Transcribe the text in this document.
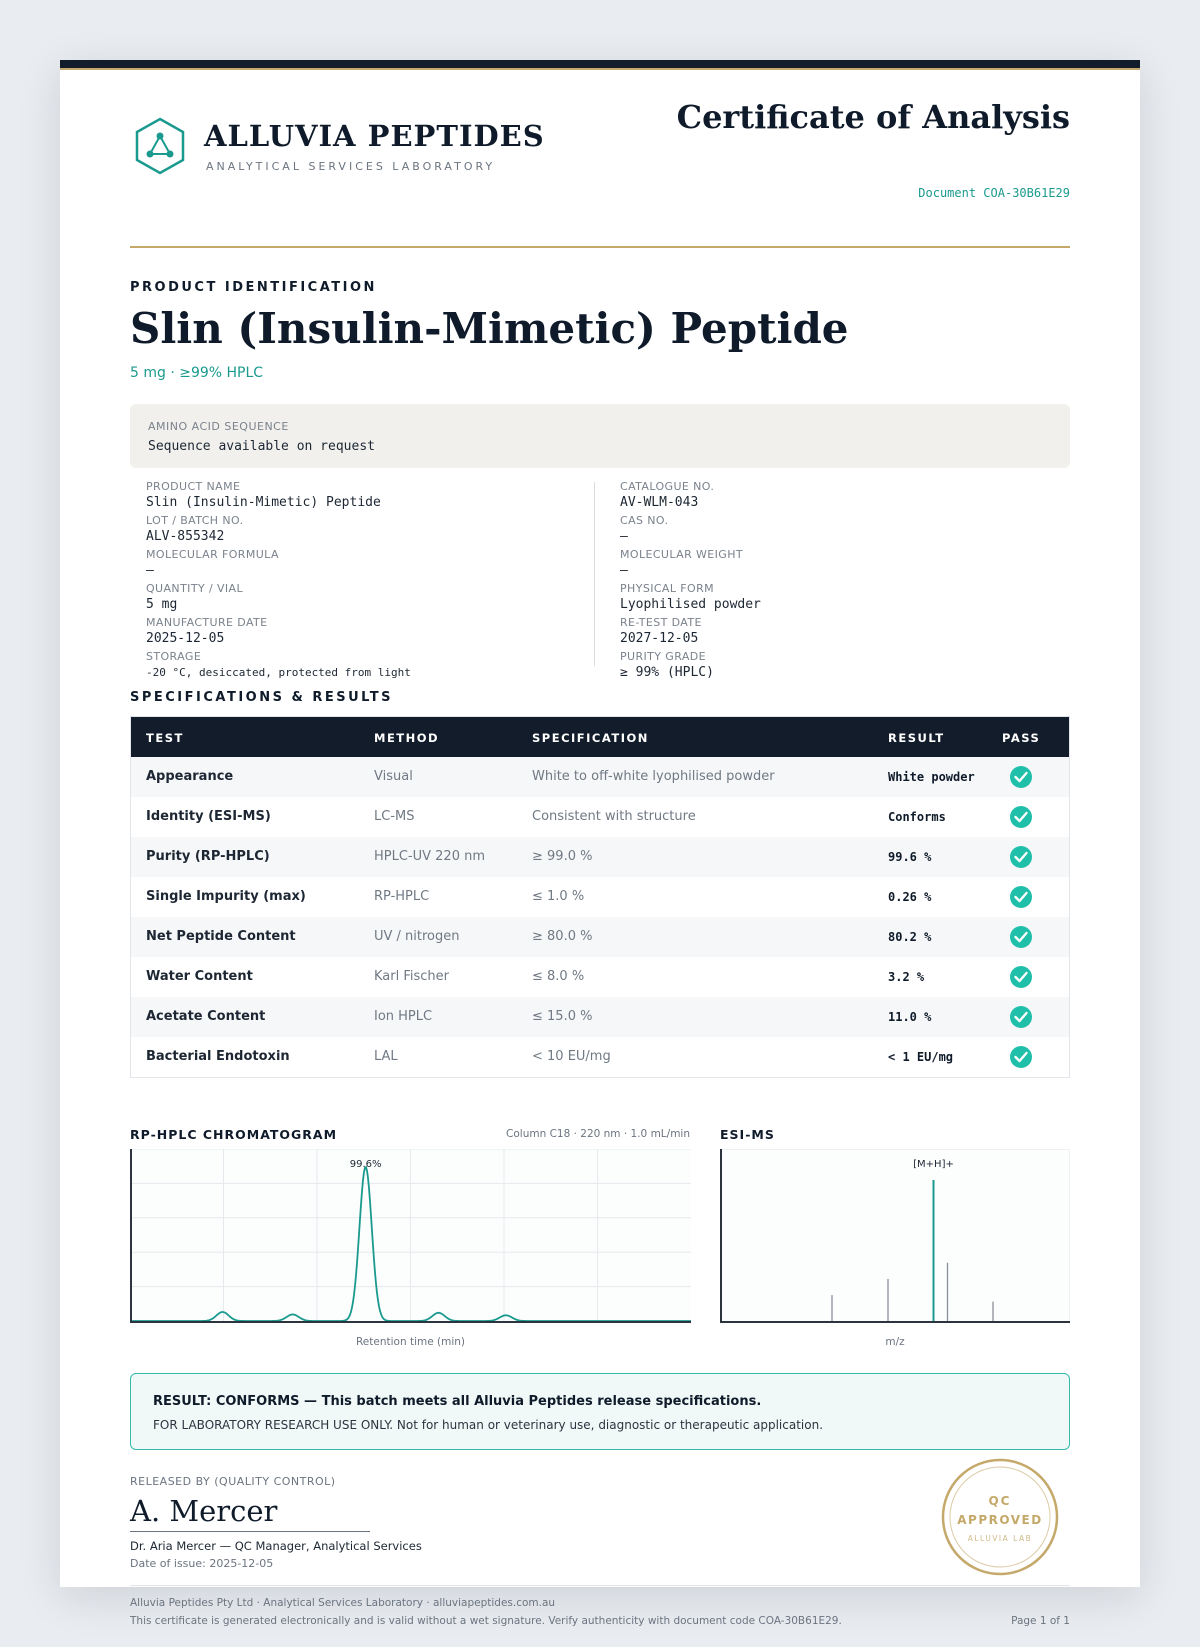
ALLUVIA PEPTIDES
ANALYTICAL SERVICES LABORATORY
Certificate of Analysis
Document COA-30B61E29
PRODUCT IDENTIFICATION
Slin (Insulin-Mimetic) Peptide
5 mg · ≥99% HPLC
AMINO ACID SEQUENCE
Sequence available on request
PRODUCT NAME
Slin (Insulin-Mimetic) Peptide
CATALOGUE NO.
AV-WLM-043
LOT / BATCH NO.
ALV-855342
CAS NO.
—
MOLECULAR FORMULA
—
MOLECULAR WEIGHT
—
QUANTITY / VIAL
5 mg
PHYSICAL FORM
Lyophilised powder
MANUFACTURE DATE
2025-12-05
RE-TEST DATE
2027-12-05
STORAGE
-20 °C, desiccated, protected from light
PURITY GRADE
≥ 99% (HPLC)
SPECIFICATIONS & RESULTS
TEST	METHOD	SPECIFICATION	RESULT	PASS
Appearance	Visual	White to off-white lyophilised powder	White powder
Identity (ESI-MS)	LC-MS	Consistent with structure	Conforms
Purity (RP-HPLC)	HPLC-UV 220 nm	≥ 99.0 %	99.6 %
Single Impurity (max)	RP-HPLC	≤ 1.0 %	0.26 %
Net Peptide Content	UV / nitrogen	≥ 80.0 %	80.2 %
Water Content	Karl Fischer	≤ 8.0 %	3.2 %
Acetate Content	Ion HPLC	≤ 15.0 %	11.0 %
Bacterial Endotoxin	LAL	< 10 EU/mg	< 1 EU/mg
RP-HPLC CHROMATOGRAM	Column C18 · 220 nm · 1.0 mL/min
99.6%
Retention time (min)
ESI-MS
[M+H]+
m/z
RESULT: CONFORMS — This batch meets all Alluvia Peptides release specifications.
FOR LABORATORY RESEARCH USE ONLY. Not for human or veterinary use, diagnostic or therapeutic application.
RELEASED BY (QUALITY CONTROL)
A. Mercer
Dr. Aria Mercer — QC Manager, Analytical Services
Date of issue: 2025-12-05
QC
APPROVED
ALLUVIA LAB
Alluvia Peptides Pty Ltd · Analytical Services Laboratory · alluviapeptides.com.au
This certificate is generated electronically and is valid without a wet signature. Verify authenticity with document code COA-30B61E29.	Page 1 of 1
